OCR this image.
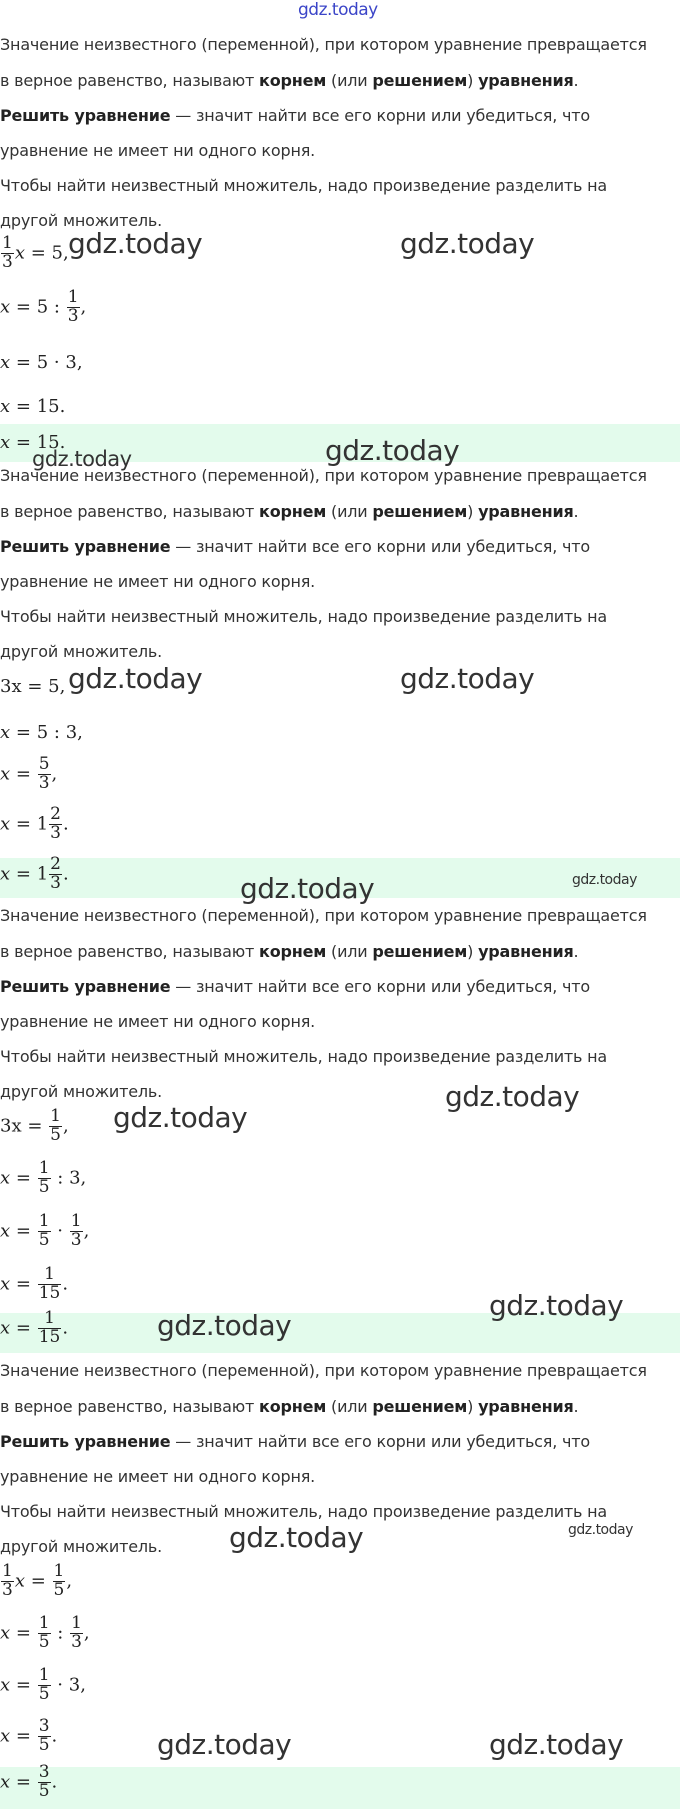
gdz.today
Значение неизвестного (переменной), при котором уравнение превращается
в верное равенство, называют корнем (или решением) уравнения.
Решить уравнение — значит найти все его корни или убедиться, что
уравнение не имеет ни одного корня.
Чтобы найти неизвестный множитель, надо произведение разделить на
другой множитель.
$\frac{1}{3}$ x = 5,
x = 5 : $\frac{1}{3}$ ,
x = 5 · 3,
x = 15.
x = 15.
Значение неизвестного (переменной), при котором уравнение превращается
в верное равенство, называют корнем (или решением) уравнения.
Решить уравнение — значит найти все его корни или убедиться, что
уравнение не имеет ни одного корня.
Чтобы найти неизвестный множитель, надо произведение разделить на
другой множитель.
3x = 5,
x = 5 : 3,
$x = \frac{5}{3}$ ,
$x = 1 \frac{2}{3}$ .
$x = 1 \frac{2}{3}$ .
Значение неизвестного (переменной), при котором уравнение превращается
в верное равенство, называют корнем (или решением) уравнения.
Решить уравнение — значит найти все его корни или убедиться, что
уравнение не имеет ни одного корня.
Чтобы найти неизвестный множитель, надо произведение разделить на
другой множитель.
$3x = \frac{1}{5}$ ,
$x = \frac{1}{5}$ : 3,
$x = \frac{1}{5} \cdot \frac{1}{3}$ ,
$x = \frac{1}{15}$ .
$x = \frac{1}{15}$ .
Значение неизвестного (переменной), при котором уравнение превращается
в верное равенство, называют корнем (или решением) уравнения.
Решить уравнение — значит найти все его корни или убедиться, что
уравнение не имеет ни одного корня.
Чтобы найти неизвестный множитель, надо произведение разделить на
другой множитель.
$\frac{1}{3}$ $x = \frac{1}{5}$ ,
$x = \frac{1}{5}$ : $\frac{1}{3}$ ,
$x = \frac{1}{5} \cdot 3$,
$x = \frac{3}{5}$ .
$x = \frac{3}{5}$ .
gdz.today	gdz.today
gdz.today	gdz.today
gdz.today	gdz.today
gdz.today	gdz.today
gdz.today
gdz.today
gdz.today
gdz.today
gdz.today	gdz.today
gdz.today	gdz.today
